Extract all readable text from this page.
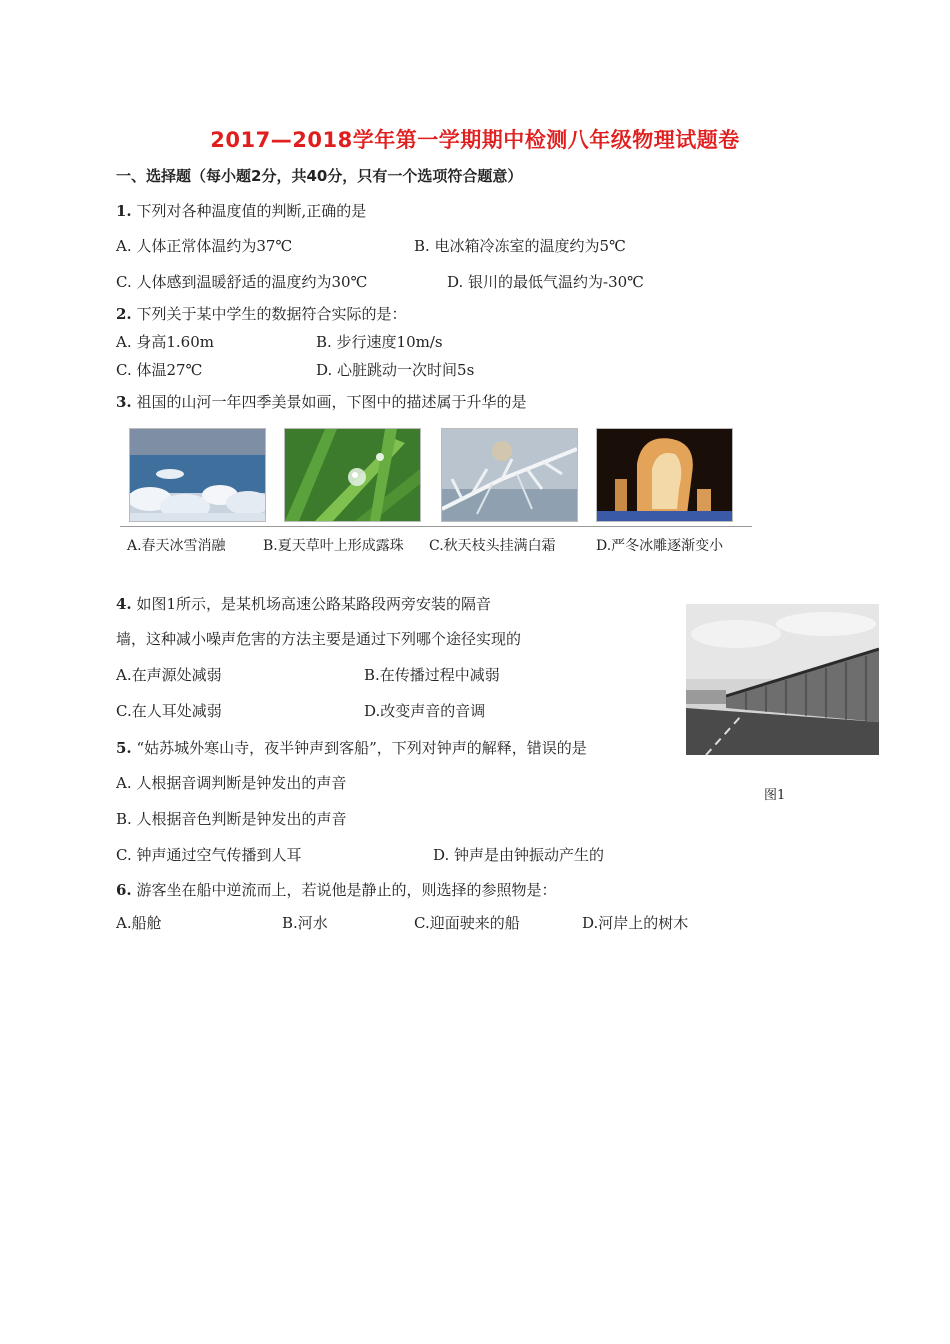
2017—2018学年第一学期期中检测八年级物理试题卷
一、选择题（每小题2分，共40分，只有一个选项符合题意）
1. 下列对各种温度值的判断,正确的是
A. 人体正常体温约为37℃	B. 电冰箱冷冻室的温度约为5℃
C. 人体感到温暖舒适的温度约为30℃	D. 银川的最低气温约为-30℃
2. 下列关于某中学生的数据符合实际的是：
A. 身高1.60m	B. 步行速度10m/s
C. 体温27℃	D. 心脏跳动一次时间5s
3. 祖国的山河一年四季美景如画，下图中的描述属于升华的是
A.春天冰雪消融	B.夏天草叶上形成露珠 C.秋天枝头挂满白霜	D.严冬冰雕逐渐变小
4. 如图1所示，是某机场高速公路某路段两旁安装的隔音
墙，这种减小噪声危害的方法主要是通过下列哪个途径实现的
A.在声源处减弱	B.在传播过程中减弱
C.在人耳处减弱	D.改变声音的音调
图1
5. “姑苏城外寒山寺，夜半钟声到客船”，下列对钟声的解释，错误的是
A. 人根据音调判断是钟发出的声音
B. 人根据音色判断是钟发出的声音
C. 钟声通过空气传播到人耳	D. 钟声是由钟振动产生的
6. 游客坐在船中逆流而上，若说他是静止的，则选择的参照物是：
A.船舱	B.河水	C.迎面驶来的船	D.河岸上的树木
